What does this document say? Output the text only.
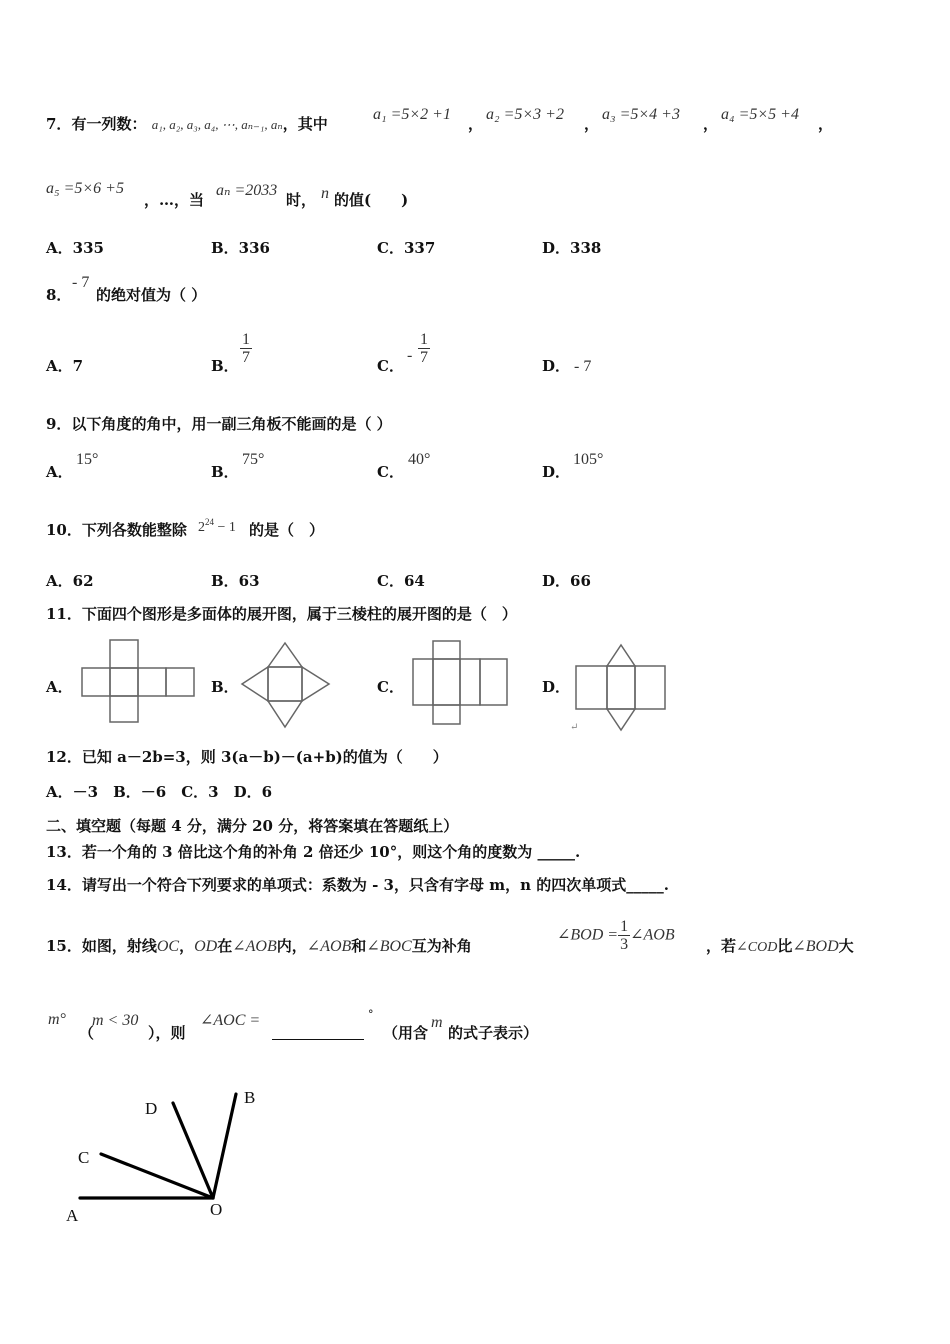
7．有一列数： a₁, a₂, a₃, a₄, ⋯, aₙ₋₁, aₙ，其中
a₁ =5×2 +1
，
a₂ =5×3 +2
，
a₃ =5×4 +3
，
a₄ =5×5 +4
，
a₅ =5×6 +5
，…，当
aₙ =2033
时， n 的值(　　)
A．335	B．336	C．337	D．338
8．
- 7
的绝对值为（ ）
A．7	B． $\frac{1}{7}$	C．
- $\frac{1}{7}$	D． - 7
9．以下角度的角中，用一副三角板不能画的是（ ）
A．
15°
B．
75°
C．
40°
D．
105°
10．下列各数能整除 $2^{24} - 1$ 的是（　）
A．62	B．63	C．64	D．66
11．下面四个图形是多面体的展开图，属于三棱柱的展开图的是（　）
A．	B．	C．	D．
↵
12．已知 a－2b=3，则 3(a－b)－(a+b)的值为（　　）
A．－3　B．－6　C．3　D．6
二、填空题（每题 4 分，满分 20 分，将答案填在答题纸上）
13．若一个角的 3 倍比这个角的补角 2 倍还少 10°，则这个角的度数为 _____.
14．请写出一个符合下列要求的单项式：系数为 - 3，只含有字母 m，n 的四次单项式_____.
15．如图，射线OC，OD在∠AOB内，∠AOB和∠BOC互为补角
∠BOD = $\frac{1}{3}$ ∠AOB
，若∠COD比∠BOD大
m°
（
m < 30
），则
∠AOC =	°
（用含
m
的式子表示）
A
C
D
B
O
